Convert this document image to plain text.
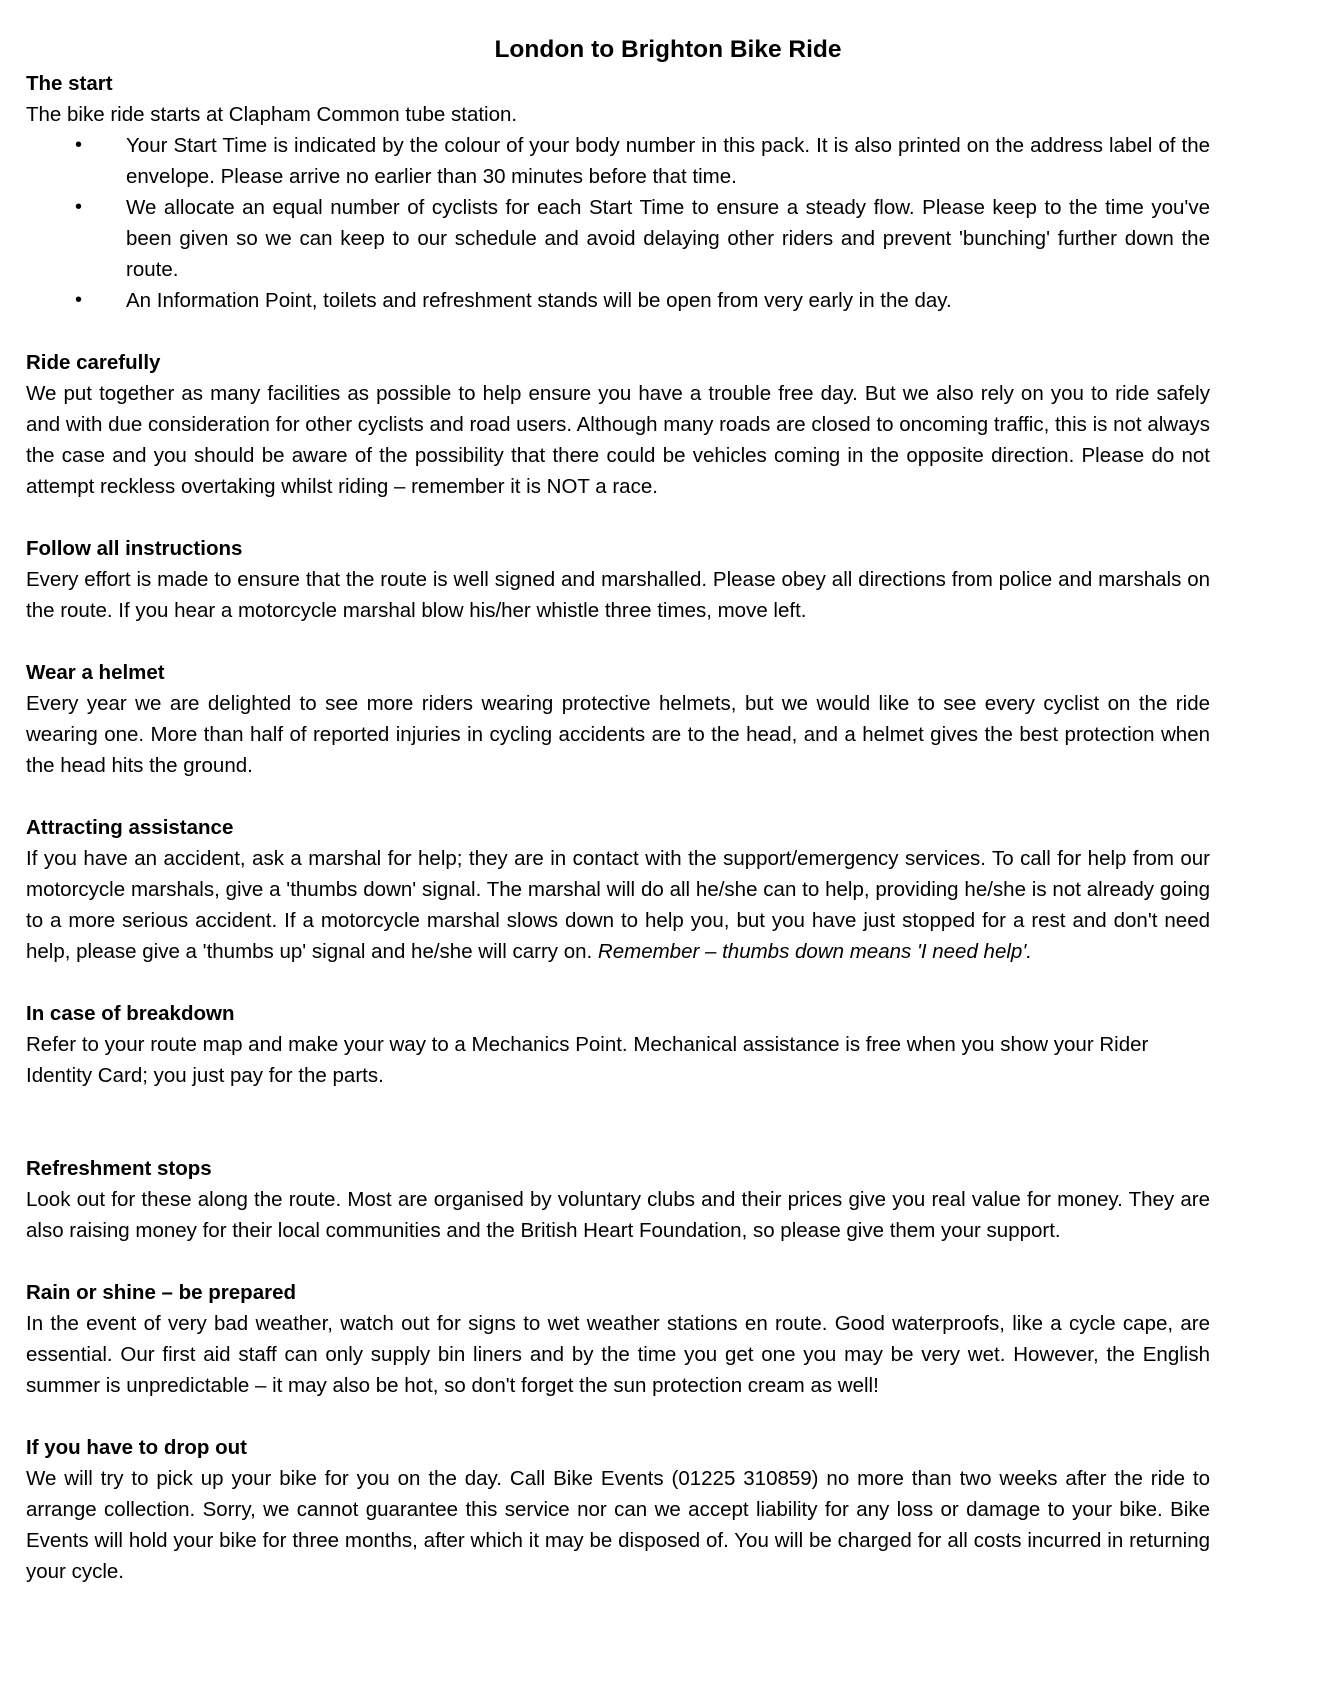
London to Brighton Bike Ride

The start

The bike ride starts at Clapham Common tube station.

• Your Start Time is indicated by the colour of your body number in this pack. It is also printed on the address label of the envelope. Please arrive no earlier than 30 minutes before that time.
• We allocate an equal number of cyclists for each Start Time to ensure a steady flow. Please keep to the time you've been given so we can keep to our schedule and avoid delaying other riders and prevent 'bunching' further down the route.
• An Information Point, toilets and refreshment stands will be open from very early in the day.

Ride carefully

We put together as many facilities as possible to help ensure you have a trouble free day. But we also rely on you to ride safely and with due consideration for other cyclists and road users. Although many roads are closed to oncoming traffic, this is not always the case and you should be aware of the possibility that there could be vehicles coming in the opposite direction. Please do not attempt reckless overtaking whilst riding – remember it is NOT a race.

Follow all instructions

Every effort is made to ensure that the route is well signed and marshalled. Please obey all directions from police and marshals on the route. If you hear a motorcycle marshal blow his/her whistle three times, move left.

Wear a helmet

Every year we are delighted to see more riders wearing protective helmets, but we would like to see every cyclist on the ride wearing one. More than half of reported injuries in cycling accidents are to the head, and a helmet gives the best protection when the head hits the ground.

Attracting assistance

If you have an accident, ask a marshal for help; they are in contact with the support/emergency services. To call for help from our motorcycle marshals, give a 'thumbs down' signal. The marshal will do all he/she can to help, providing he/she is not already going to a more serious accident. If a motorcycle marshal slows down to help you, but you have just stopped for a rest and don't need help, please give a 'thumbs up' signal and he/she will carry on. Remember – thumbs down means 'I need help'.

In case of breakdown

Refer to your route map and make your way to a Mechanics Point. Mechanical assistance is free when you show your Rider Identity Card; you just pay for the parts.

Refreshment stops

Look out for these along the route. Most are organised by voluntary clubs and their prices give you real value for money. They are also raising money for their local communities and the British Heart Foundation, so please give them your support.

Rain or shine – be prepared

In the event of very bad weather, watch out for signs to wet weather stations en route. Good waterproofs, like a cycle cape, are essential. Our first aid staff can only supply bin liners and by the time you get one you may be very wet. However, the English summer is unpredictable – it may also be hot, so don't forget the sun protection cream as well!

If you have to drop out

We will try to pick up your bike for you on the day. Call Bike Events (01225 310859) no more than two weeks after the ride to arrange collection. Sorry, we cannot guarantee this service nor can we accept liability for any loss or damage to your bike. Bike Events will hold your bike for three months, after which it may be disposed of. You will be charged for all costs incurred in returning your cycle.
